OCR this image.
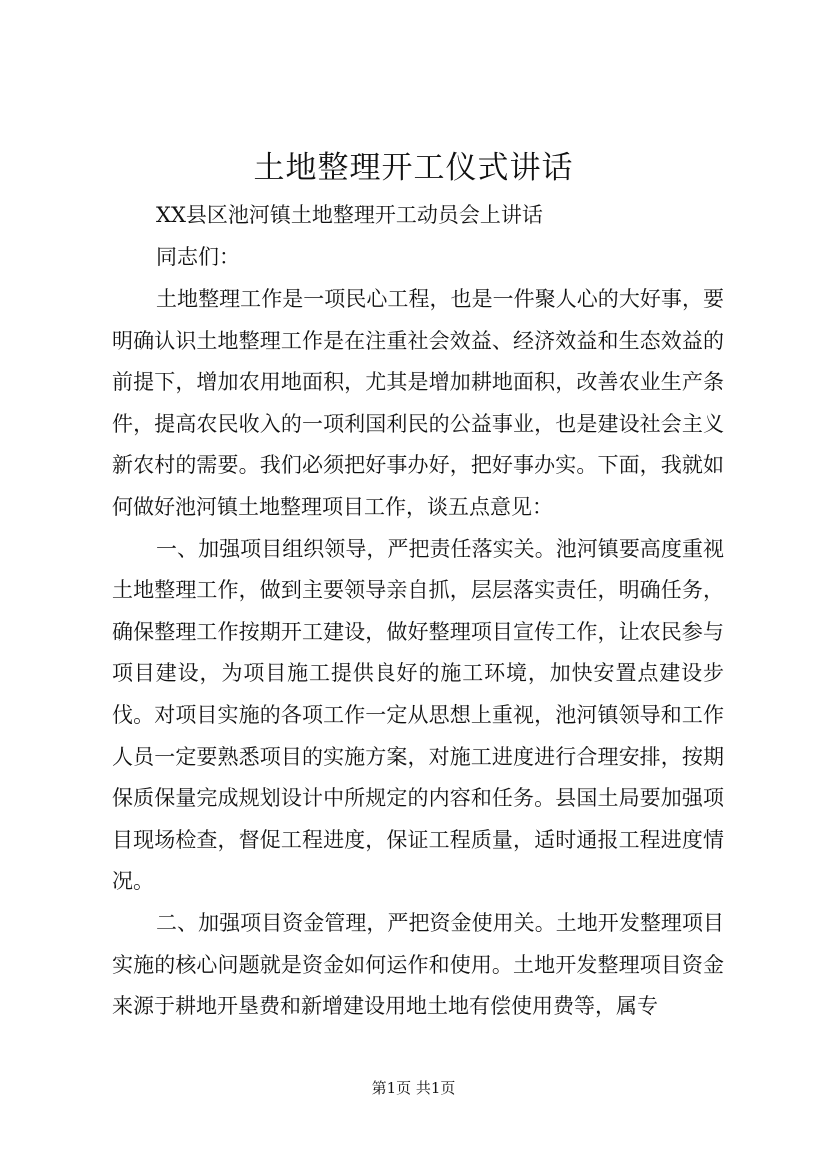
土地整理开工仪式讲话
XX县区池河镇土地整理开工动员会上讲话
同志们：

土地整理工作是一项民心工程，也是一件聚人心的大好事，要明确认识土地整理工作是在注重社会效益、经济效益和生态效益的前提下，增加农用地面积，尤其是增加耕地面积，改善农业生产条件，提高农民收入的一项利国利民的公益事业，也是建设社会主义新农村的需要。我们必须把好事办好，把好事办实。下面，我就如何做好池河镇土地整理项目工作，谈五点意见：

一、加强项目组织领导，严把责任落实关。池河镇要高度重视土地整理工作，做到主要领导亲自抓，层层落实责任，明确任务，确保整理工作按期开工建设，做好整理项目宣传工作，让农民参与项目建设，为项目施工提供良好的施工环境，加快安置点建设步伐。对项目实施的各项工作一定从思想上重视，池河镇领导和工作人员一定要熟悉项目的实施方案，对施工进度进行合理安排，按期保质保量完成规划设计中所规定的内容和任务。县国土局要加强项目现场检查，督促工程进度，保证工程质量，适时通报工程进度情况。

二、加强项目资金管理，严把资金使用关。土地开发整理项目实施的核心问题就是资金如何运作和使用。土地开发整理项目资金来源于耕地开垦费和新增建设用地土地有偿使用费等，属专

第1页 共1页
